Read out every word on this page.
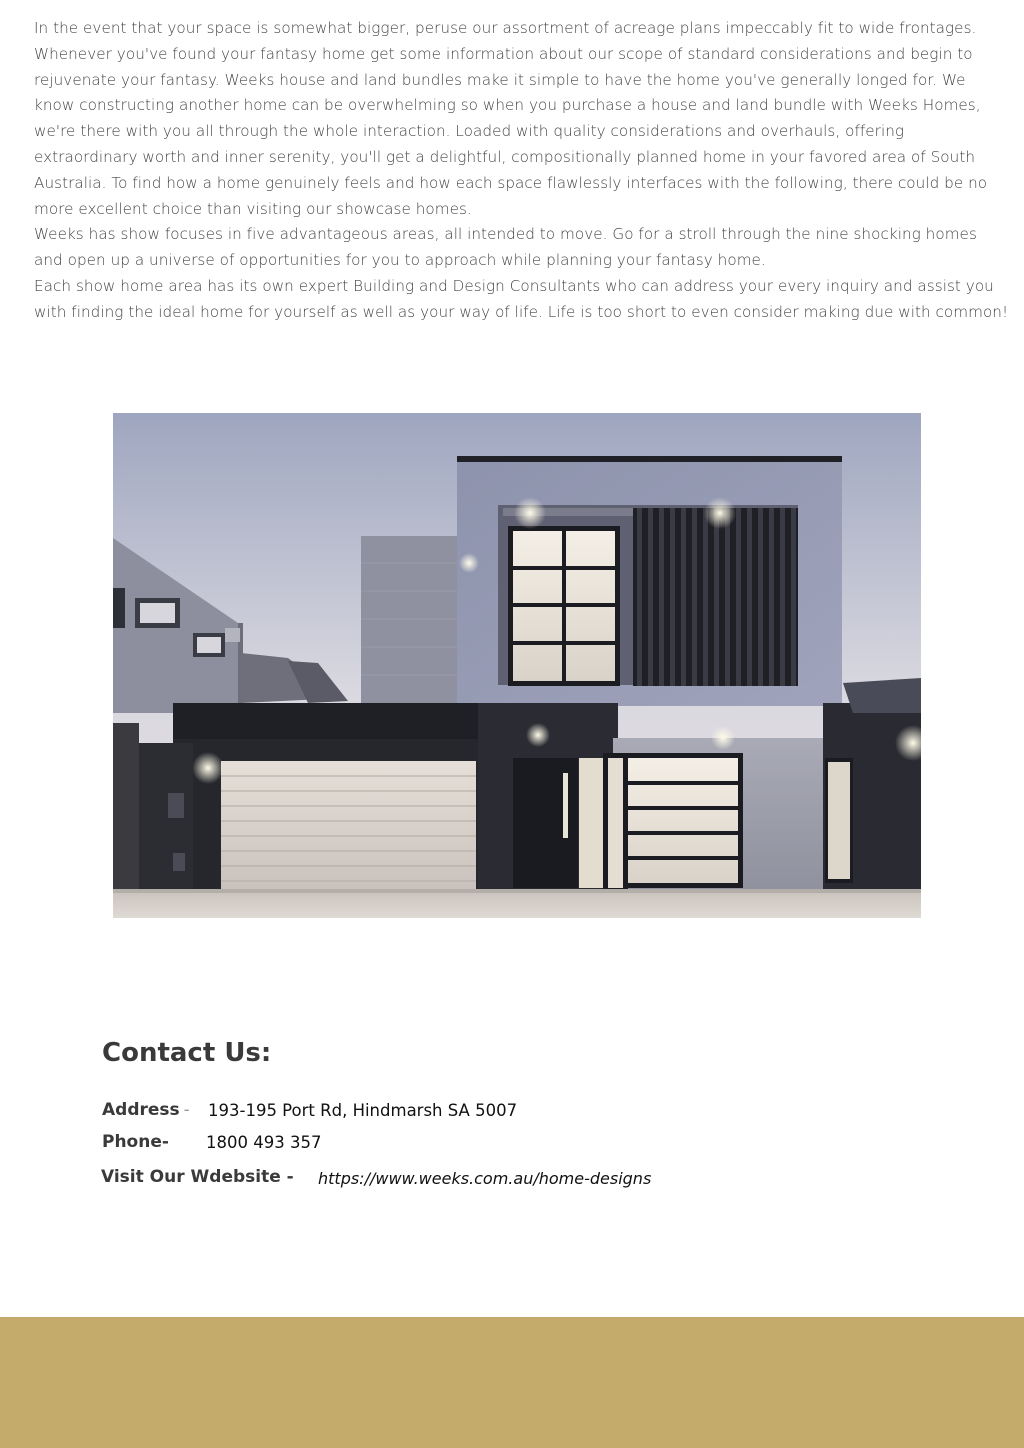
In the event that your space is somewhat bigger, peruse our assortment of acreage plans impeccably fit to wide frontages. Whenever you've found your fantasy home get some information about our scope of standard considerations and begin to rejuvenate your fantasy. Weeks house and land bundles make it simple to have the home you've generally longed for. We know constructing another home can be overwhelming so when you purchase a house and land bundle with Weeks Homes, we're there with you all through the whole interaction. Loaded with quality considerations and overhauls, offering extraordinary worth and inner serenity, you'll get a delightful, compositionally planned home in your favored area of South Australia. To find how a home genuinely feels and how each space flawlessly interfaces with the following, there could be no more excellent choice than visiting our showcase homes.

Weeks has show focuses in five advantageous areas, all intended to move. Go for a stroll through the nine shocking homes and open up a universe of opportunities for you to approach while planning your fantasy home.

Each show home area has its own expert Building and Design Consultants who can address your every inquiry and assist you with finding the ideal home for yourself as well as your way of life. Life is too short to even consider making due with common!

Contact Us:
Address - 193-195 Port Rd, Hindmarsh SA 5007
Phone- 1800 493 357
Visit Our Wdebsite - https://www.weeks.com.au/home-designs
